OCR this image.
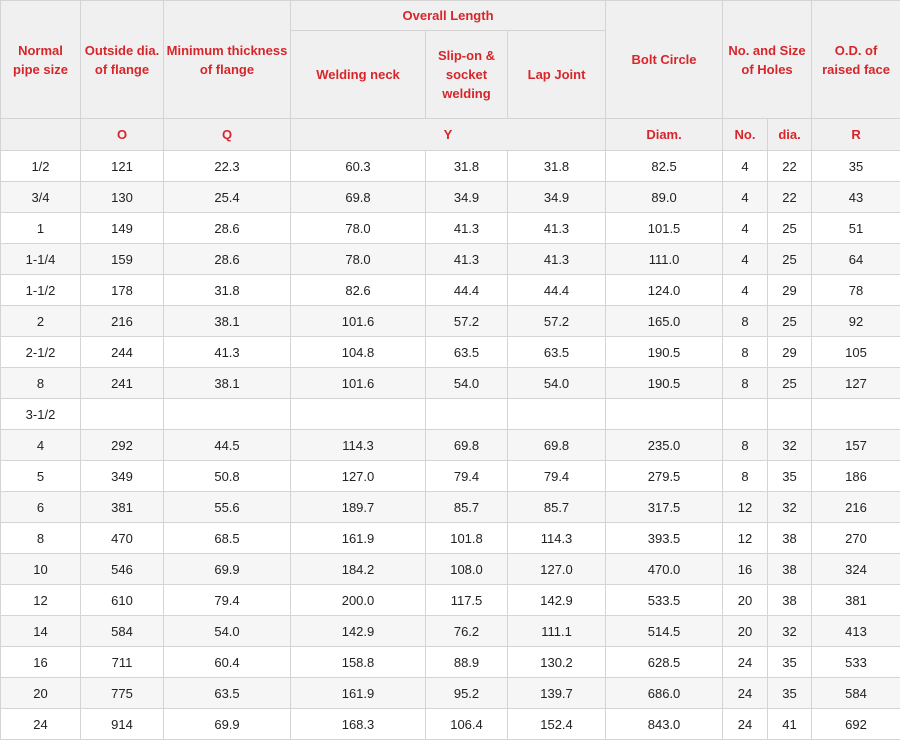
Normal pipe size	Outside dia. of flange	Minimum thickness of flange	Overall Length			Bolt Circle	No. and Size of Holes		O.D. of raised face
			Welding neck	Slip-on & socket welding	Lap Joint				
	O	Q	Y			Diam.	No.	dia.	R
1/2	121	22.3	60.3	31.8	31.8	82.5	4	22	35
3/4	130	25.4	69.8	34.9	34.9	89.0	4	22	43
1	149	28.6	78.0	41.3	41.3	101.5	4	25	51
1-1/4	159	28.6	78.0	41.3	41.3	111.0	4	25	64
1-1/2	178	31.8	82.6	44.4	44.4	124.0	4	29	78
2	216	38.1	101.6	57.2	57.2	165.0	8	25	92
2-1/2	244	41.3	104.8	63.5	63.5	190.5	8	29	105
8	241	38.1	101.6	54.0	54.0	190.5	8	25	127
3-1/2									
4	292	44.5	114.3	69.8	69.8	235.0	8	32	157
5	349	50.8	127.0	79.4	79.4	279.5	8	35	186
6	381	55.6	189.7	85.7	85.7	317.5	12	32	216
8	470	68.5	161.9	101.8	114.3	393.5	12	38	270
10	546	69.9	184.2	108.0	127.0	470.0	16	38	324
12	610	79.4	200.0	117.5	142.9	533.5	20	38	381
14	584	54.0	142.9	76.2	111.1	514.5	20	32	413
16	711	60.4	158.8	88.9	130.2	628.5	24	35	533
20	775	63.5	161.9	95.2	139.7	686.0	24	35	584
24	914	69.9	168.3	106.4	152.4	843.0	24	41	692
